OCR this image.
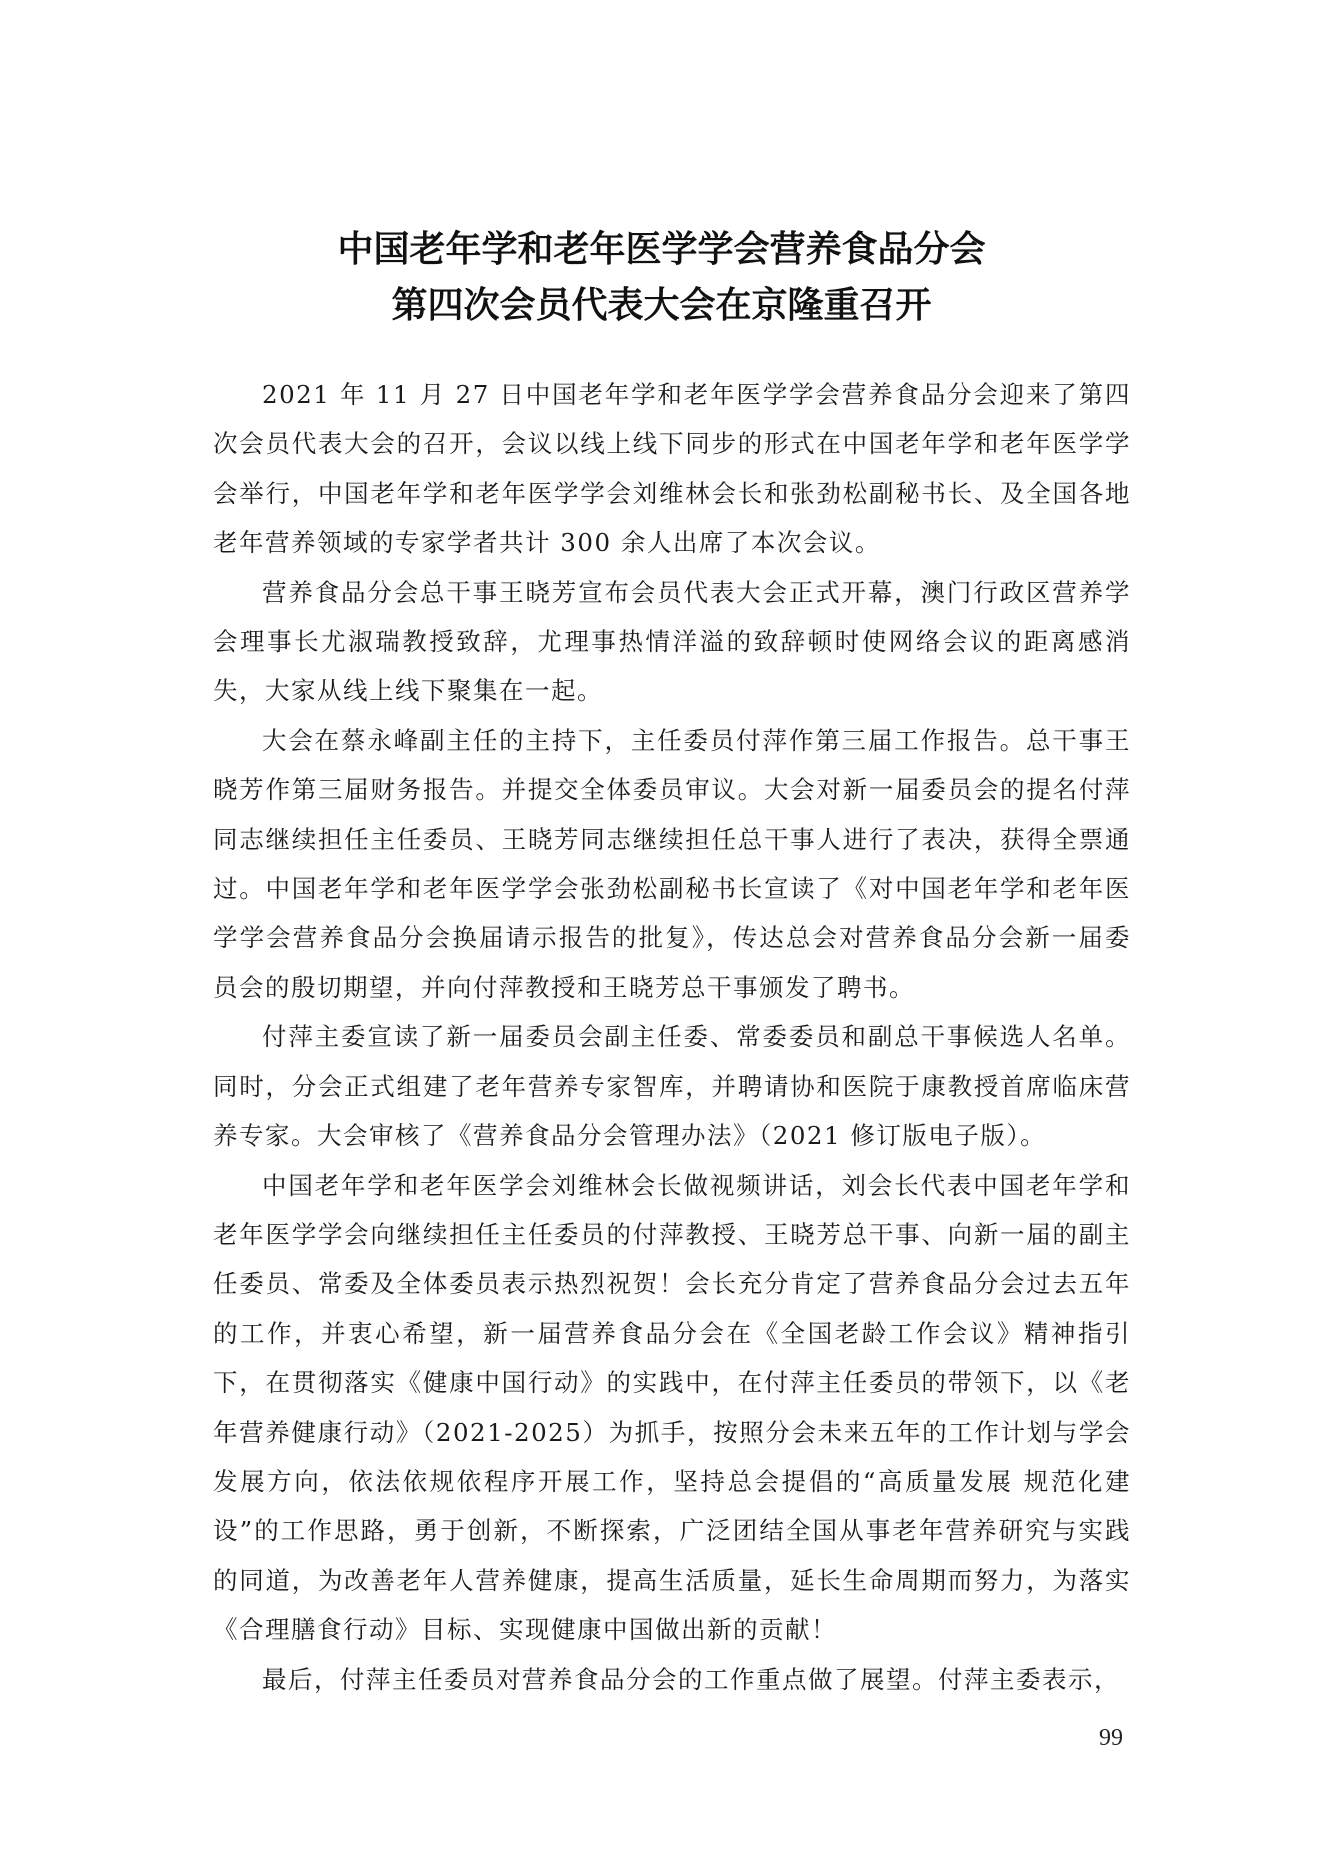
中国老年学和老年医学学会营养食品分会
第四次会员代表大会在京隆重召开

2021 年 11 月 27 日中国老年学和老年医学学会营养食品分会迎来了第四次会员代表大会的召开，会议以线上线下同步的形式在中国老年学和老年医学学会举行，中国老年学和老年医学学会刘维林会长和张劲松副秘书长、及全国各地老年营养领域的专家学者共计 300 余人出席了本次会议。

营养食品分会总干事王晓芳宣布会员代表大会正式开幕，澳门行政区营养学会理事长尤淑瑞教授致辞，尤理事热情洋溢的致辞顿时使网络会议的距离感消失，大家从线上线下聚集在一起。

大会在蔡永峰副主任的主持下，主任委员付萍作第三届工作报告。总干事王晓芳作第三届财务报告。并提交全体委员审议。大会对新一届委员会的提名付萍同志继续担任主任委员、王晓芳同志继续担任总干事人进行了表决，获得全票通过。中国老年学和老年医学学会张劲松副秘书长宣读了《对中国老年学和老年医学学会营养食品分会换届请示报告的批复》，传达总会对营养食品分会新一届委员会的殷切期望，并向付萍教授和王晓芳总干事颁发了聘书。

付萍主委宣读了新一届委员会副主任委、常委委员和副总干事候选人名单。同时，分会正式组建了老年营养专家智库，并聘请协和医院于康教授首席临床营养专家。大会审核了《营养食品分会管理办法》（2021 修订版电子版）。

中国老年学和老年医学会刘维林会长做视频讲话，刘会长代表中国老年学和老年医学学会向继续担任主任委员的付萍教授、王晓芳总干事、向新一届的副主任委员、常委及全体委员表示热烈祝贺！会长充分肯定了营养食品分会过去五年的工作，并衷心希望，新一届营养食品分会在《全国老龄工作会议》精神指引下，在贯彻落实《健康中国行动》的实践中，在付萍主任委员的带领下，以《老年营养健康行动》（2021-2025）为抓手，按照分会未来五年的工作计划与学会发展方向，依法依规依程序开展工作，坚持总会提倡的“高质量发展 规范化建设”的工作思路，勇于创新，不断探索，广泛团结全国从事老年营养研究与实践的同道，为改善老年人营养健康，提高生活质量，延长生命周期而努力，为落实《合理膳食行动》目标、实现健康中国做出新的贡献！

最后，付萍主任委员对营养食品分会的工作重点做了展望。付萍主委表示，

99
